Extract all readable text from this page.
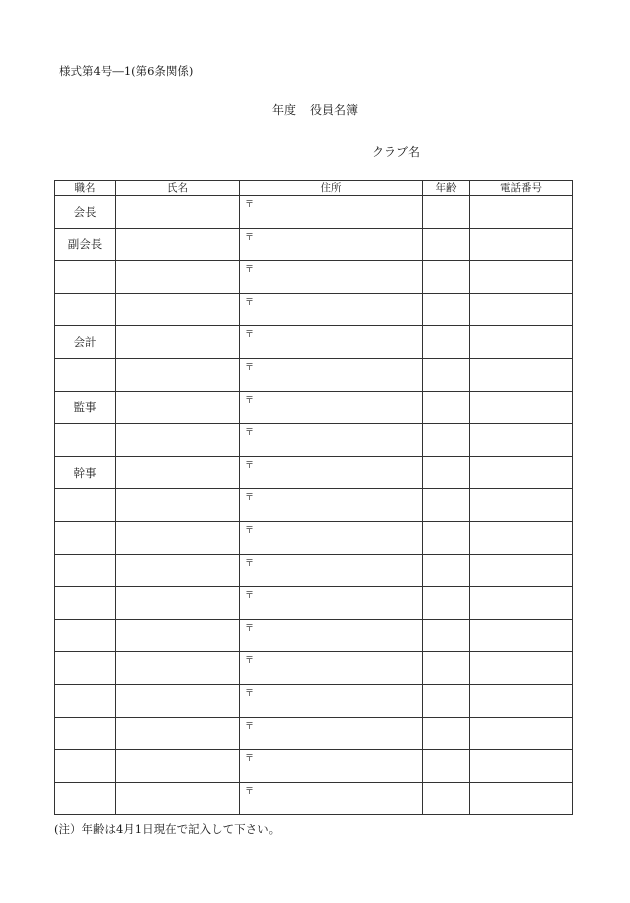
様式第4号―1(第6条関係)
年度 役員名簿
クラブ名
職名	氏名	住所	年齢	電話番号
会長		〒		

副会長		〒		

		〒		

		〒		

会計		〒		

		〒		

監事		〒		

		〒		

幹事		〒		

		〒		

		〒		

		〒		

		〒		

		〒		

		〒		

		〒		

		〒		

		〒		

		〒		

(注）年齢は4月1日現在で記入して下さい。
